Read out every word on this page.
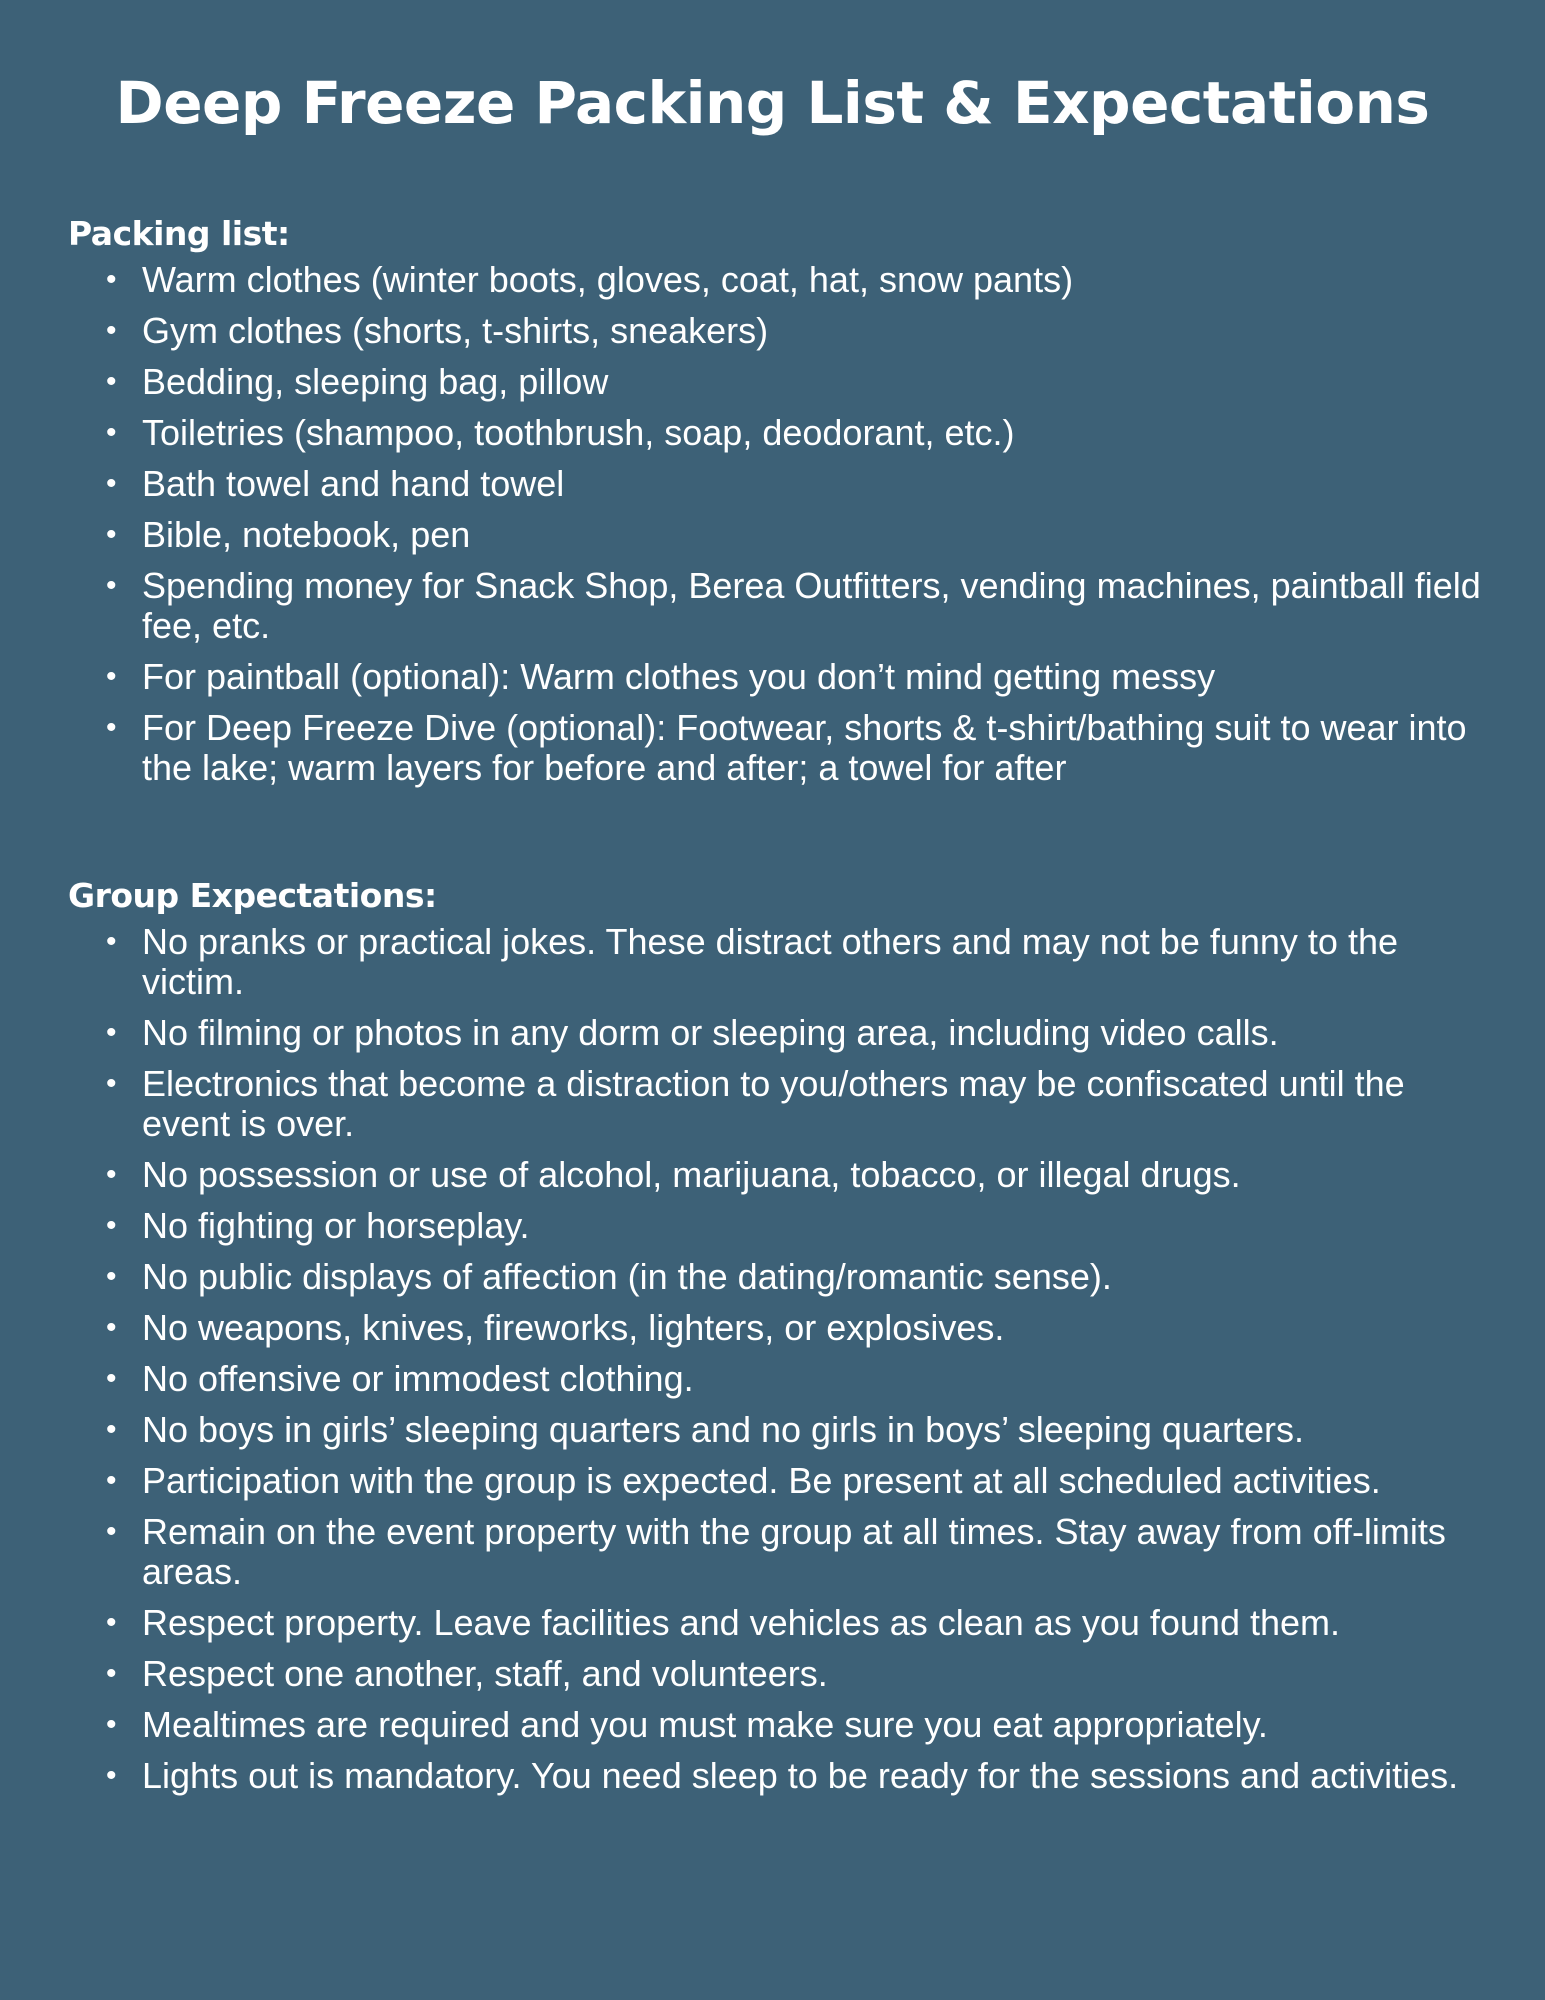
Deep Freeze Packing List & Expectations
Packing list:
• Warm clothes (winter boots, gloves, coat, hat, snow pants)
• Gym clothes (shorts, t-shirts, sneakers)
• Bedding, sleeping bag, pillow
• Toiletries (shampoo, toothbrush, soap, deodorant, etc.)
• Bath towel and hand towel
• Bible, notebook, pen
• Spending money for Snack Shop, Berea Outfitters, vending machines, paintball field fee, etc.
• For paintball (optional): Warm clothes you don’t mind getting messy
• For Deep Freeze Dive (optional): Footwear, shorts & t-shirt/bathing suit to wear into the lake; warm layers for before and after; a towel for after
Group Expectations:
• No pranks or practical jokes. These distract others and may not be funny to the victim.
• No filming or photos in any dorm or sleeping area, including video calls.
• Electronics that become a distraction to you/others may be confiscated until the event is over.
• No possession or use of alcohol, marijuana, tobacco, or illegal drugs.
• No fighting or horseplay.
• No public displays of affection (in the dating/romantic sense).
• No weapons, knives, fireworks, lighters, or explosives.
• No offensive or immodest clothing.
• No boys in girls’ sleeping quarters and no girls in boys’ sleeping quarters.
• Participation with the group is expected. Be present at all scheduled activities.
• Remain on the event property with the group at all times. Stay away from off-limits areas.
• Respect property. Leave facilities and vehicles as clean as you found them.
• Respect one another, staff, and volunteers.
• Mealtimes are required and you must make sure you eat appropriately.
• Lights out is mandatory. You need sleep to be ready for the sessions and activities.
